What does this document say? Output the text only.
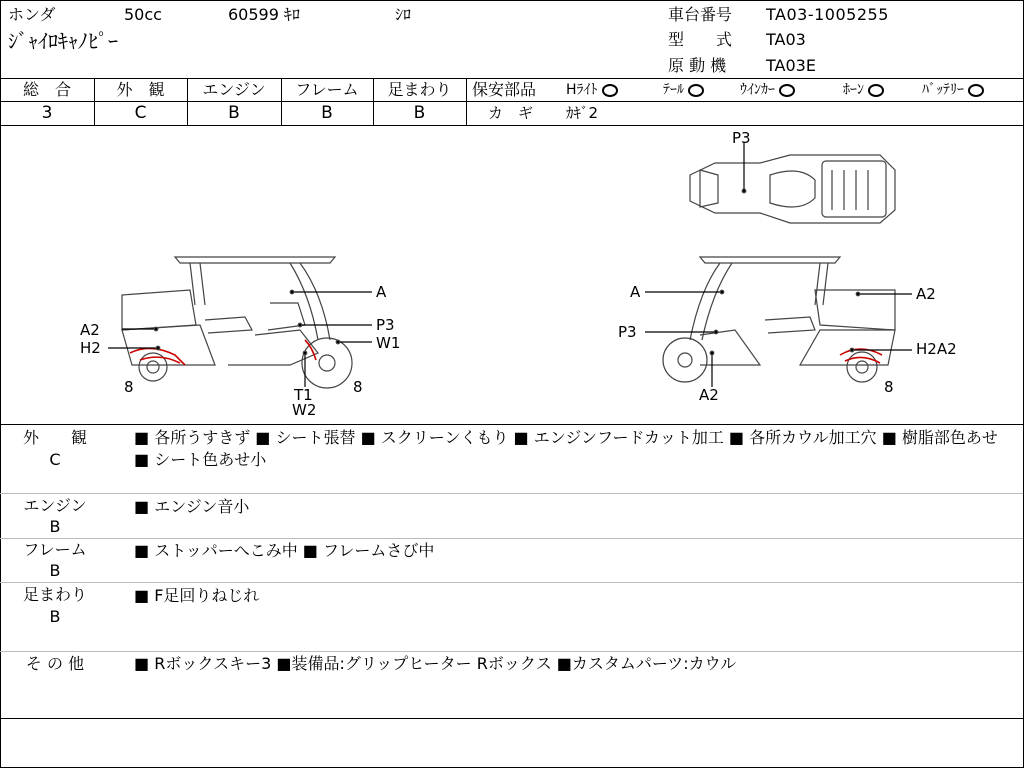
ホンダ	50cc	60599 ｷﾛ	ｼﾛ
ｼﾞｬｲﾛｷｬﾉﾋﾟｰ
車台番号 TA03-1005255
型　　式 TA03
原 動 機 TA03E
総　合	外　観	エンジン	フレーム	足まわり
3	C	B	B	B
保安部品 Hﾗｲﾄ	ﾃｰﾙ	ｳｲﾝｶｰ	ﾎｰﾝ	ﾊﾞｯﾃﾘｰ
カ　ギ ｶｷﾞ2
A
A2
H2
P3
W1
8	T1
W2
8
P3
A	A2
P3
H2A2
A2	8
外　　観
C
■ 各所うすきず ■ シート張替 ■ スクリーンくもり ■ エンジンフードカット加工 ■ 各所カウル加工穴 ■ 樹脂部色あせ ■ シート色あせ小
エンジン
B
■ エンジン音小
フレーム
B
■ ストッパーへこみ中 ■ フレームさび中
足まわり
B
■ F足回りねじれ
そ の 他	■ Rボックスキー3 ■装備品:グリップヒーター Rボックス ■カスタムパーツ:カウル
